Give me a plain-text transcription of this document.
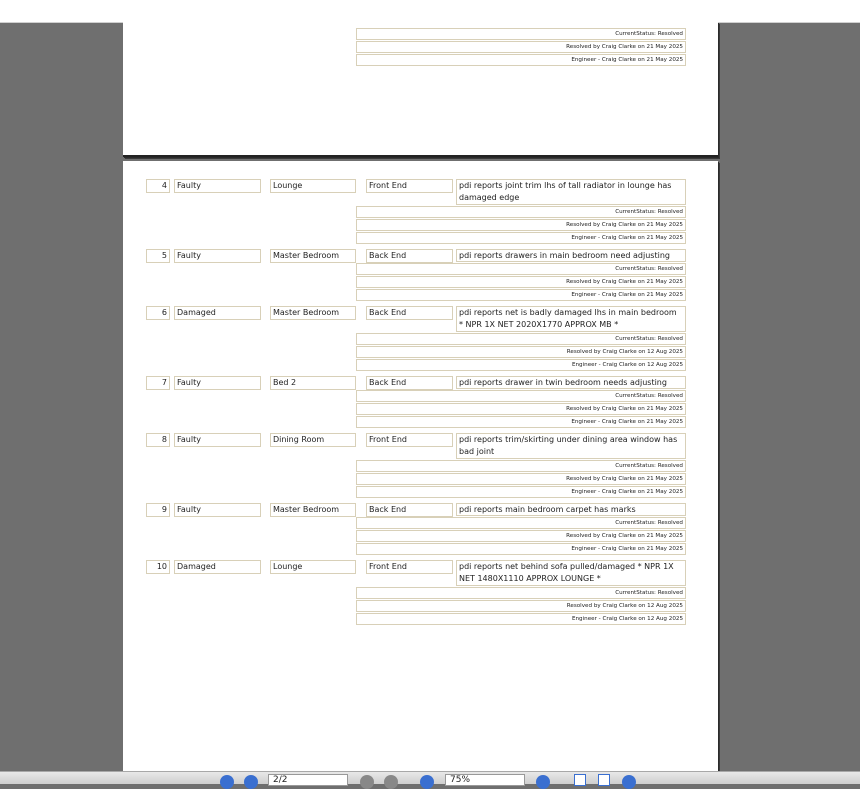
CurrentStatus: Resolved
Resolved by Craig Clarke on 21 May 2025
Engineer - Craig Clarke on 21 May 2025
4	Faulty	Lounge	Front End	pdi reports joint trim lhs of tall radiator in lounge has damaged edge
CurrentStatus: Resolved
Resolved by Craig Clarke on 21 May 2025
Engineer - Craig Clarke on 21 May 2025
5	Faulty	Master Bedroom	Back End	pdi reports drawers in main bedroom need adjusting
CurrentStatus: Resolved
Resolved by Craig Clarke on 21 May 2025
Engineer - Craig Clarke on 21 May 2025
6	Damaged	Master Bedroom	Back End	pdi reports net is badly damaged lhs in main bedroom * NPR 1X NET 2020X1770 APPROX MB *
CurrentStatus: Resolved
Resolved by Craig Clarke on 12 Aug 2025
Engineer - Craig Clarke on 12 Aug 2025
7	Faulty	Bed 2	Back End	pdi reports drawer in twin bedroom needs adjusting
CurrentStatus: Resolved
Resolved by Craig Clarke on 21 May 2025
Engineer - Craig Clarke on 21 May 2025
8	Faulty	Dining Room	Front End	pdi reports trim/skirting under dining area window has bad joint
CurrentStatus: Resolved
Resolved by Craig Clarke on 21 May 2025
Engineer - Craig Clarke on 21 May 2025
9	Faulty	Master Bedroom	Back End	pdi reports main bedroom carpet has marks
CurrentStatus: Resolved
Resolved by Craig Clarke on 21 May 2025
Engineer - Craig Clarke on 21 May 2025
10	Damaged	Lounge	Front End	pdi reports net behind sofa pulled/damaged * NPR 1X NET 1480X1110 APPROX LOUNGE *
CurrentStatus: Resolved
Resolved by Craig Clarke on 12 Aug 2025
Engineer - Craig Clarke on 12 Aug 2025
2/2	75%
